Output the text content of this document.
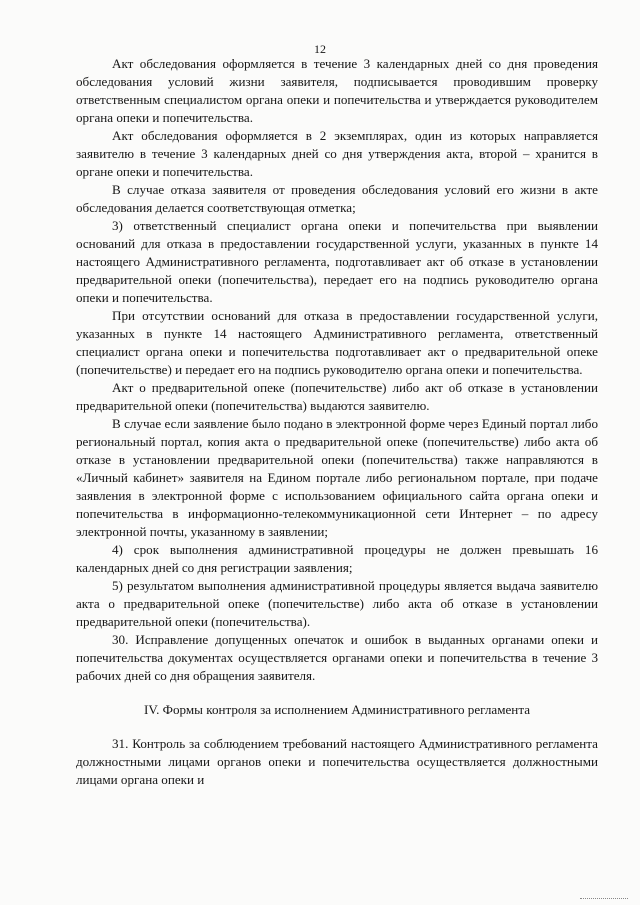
12

Акт обследования оформляется в течение 3 календарных дней со дня проведения обследования условий жизни заявителя, подписывается проводившим проверку ответственным специалистом органа опеки и попечительства и утверждается руководителем органа опеки и попечительства.

Акт обследования оформляется в 2 экземплярах, один из которых направляется заявителю в течение 3 календарных дней со дня утверждения акта, второй – хранится в органе опеки и попечительства.

В случае отказа заявителя от проведения обследования условий его жизни в акте обследования делается соответствующая отметка;

3) ответственный специалист органа опеки и попечительства при выявлении оснований для отказа в предоставлении государственной услуги, указанных в пункте 14 настоящего Административного регламента, подготавливает акт об отказе в установлении предварительной опеки (попечительства), передает его на подпись руководителю органа опеки и попечительства.

При отсутствии оснований для отказа в предоставлении государственной услуги, указанных в пункте 14 настоящего Административного регламента, ответственный специалист органа опеки и попечительства подготавливает акт о предварительной опеке (попечительстве) и передает его на подпись руководителю органа опеки и попечительства.

Акт о предварительной опеке (попечительстве) либо акт об отказе в установлении предварительной опеки (попечительства) выдаются заявителю.

В случае если заявление было подано в электронной форме через Единый портал либо региональный портал, копия акта о предварительной опеке (попечительстве) либо акта об отказе в установлении предварительной опеки (попечительства) также направляются в «Личный кабинет» заявителя на Едином портале либо региональном портале, при подаче заявления в электронной форме с использованием официального сайта органа опеки и попечительства в информационно-телекоммуникационной сети Интернет – по адресу электронной почты, указанному в заявлении;

4) срок выполнения административной процедуры не должен превышать 16 календарных дней со дня регистрации заявления;

5) результатом выполнения административной процедуры является выдача заявителю акта о предварительной опеке (попечительстве) либо акта об отказе в установлении предварительной опеки (попечительства).

30. Исправление допущенных опечаток и ошибок в выданных органами опеки и попечительства документах осуществляется органами опеки и попечительства в течение 3 рабочих дней со дня обращения заявителя.

IV. Формы контроля за исполнением Административного регламента

31. Контроль за соблюдением требований настоящего Административного регламента должностными лицами органов опеки и попечительства осуществляется должностными лицами органа опеки и
